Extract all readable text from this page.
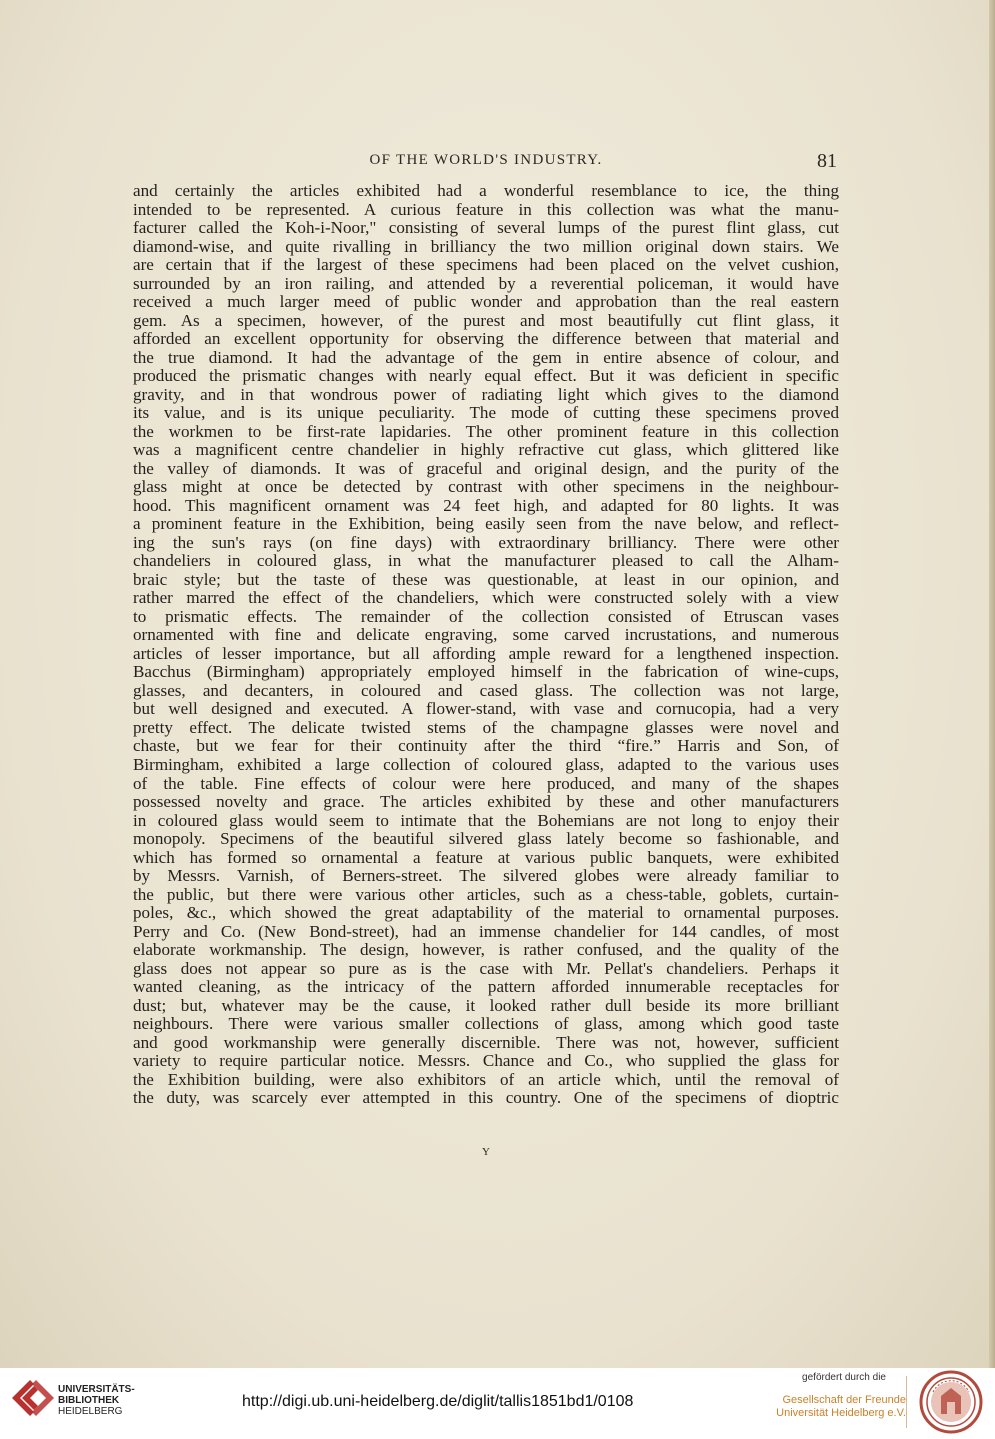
OF THE WORLD'S INDUSTRY.	81
and certainly the articles exhibited had a wonderful resemblance to ice, the thing
intended to be represented. A curious feature in this collection was what the manu-
facturer called the Koh-i-Noor," consisting of several lumps of the purest flint glass, cut
diamond-wise, and quite rivalling in brilliancy the two million original down stairs. We
are certain that if the largest of these specimens had been placed on the velvet cushion,
surrounded by an iron railing, and attended by a reverential policeman, it would have
received a much larger meed of public wonder and approbation than the real eastern
gem. As a specimen, however, of the purest and most beautifully cut flint glass, it
afforded an excellent opportunity for observing the difference between that material and
the true diamond. It had the advantage of the gem in entire absence of colour, and
produced the prismatic changes with nearly equal effect. But it was deficient in specific
gravity, and in that wondrous power of radiating light which gives to the diamond
its value, and is its unique peculiarity. The mode of cutting these specimens proved
the workmen to be first-rate lapidaries. The other prominent feature in this collection
was a magnificent centre chandelier in highly refractive cut glass, which glittered like
the valley of diamonds. It was of graceful and original design, and the purity of the
glass might at once be detected by contrast with other specimens in the neighbour-
hood. This magnificent ornament was 24 feet high, and adapted for 80 lights. It was
a prominent feature in the Exhibition, being easily seen from the nave below, and reflect-
ing the sun's rays (on fine days) with extraordinary brilliancy. There were other
chandeliers in coloured glass, in what the manufacturer pleased to call the Alham-
braic style; but the taste of these was questionable, at least in our opinion, and
rather marred the effect of the chandeliers, which were constructed solely with a view
to prismatic effects. The remainder of the collection consisted of Etruscan vases
ornamented with fine and delicate engraving, some carved incrustations, and numerous
articles of lesser importance, but all affording ample reward for a lengthened inspection.
Bacchus (Birmingham) appropriately employed himself in the fabrication of wine-cups,
glasses, and decanters, in coloured and cased glass. The collection was not large,
but well designed and executed. A flower-stand, with vase and cornucopia, had a very
pretty effect. The delicate twisted stems of the champagne glasses were novel and
chaste, but we fear for their continuity after the third “fire.” Harris and Son, of
Birmingham, exhibited a large collection of coloured glass, adapted to the various uses
of the table. Fine effects of colour were here produced, and many of the shapes
possessed novelty and grace. The articles exhibited by these and other manufacturers
in coloured glass would seem to intimate that the Bohemians are not long to enjoy their
monopoly. Specimens of the beautiful silvered glass lately become so fashionable, and
which has formed so ornamental a feature at various public banquets, were exhibited
by Messrs. Varnish, of Berners-street. The silvered globes were already familiar to
the public, but there were various other articles, such as a chess-table, goblets, curtain-
poles, &c., which showed the great adaptability of the material to ornamental purposes.
Perry and Co. (New Bond-street), had an immense chandelier for 144 candles, of most
elaborate workmanship. The design, however, is rather confused, and the quality of the
glass does not appear so pure as is the case with Mr. Pellat's chandeliers. Perhaps it
wanted cleaning, as the intricacy of the pattern afforded innumerable receptacles for
dust; but, whatever may be the cause, it looked rather dull beside its more brilliant
neighbours. There were various smaller collections of glass, among which good taste
and good workmanship were generally discernible. There was not, however, sufficient
variety to require particular notice. Messrs. Chance and Co., who supplied the glass for
the Exhibition building, were also exhibitors of an article which, until the removal of
the duty, was scarcely ever attempted in this country. One of the specimens of dioptric
Y
UNIVERSITÄTS-
BIBLIOTHEK
HEIDELBERG
http://digi.ub.uni-heidelberg.de/diglit/tallis1851bd1/0108
gefördert durch die
Gesellschaft der Freunde
Universität Heidelberg e.V.
